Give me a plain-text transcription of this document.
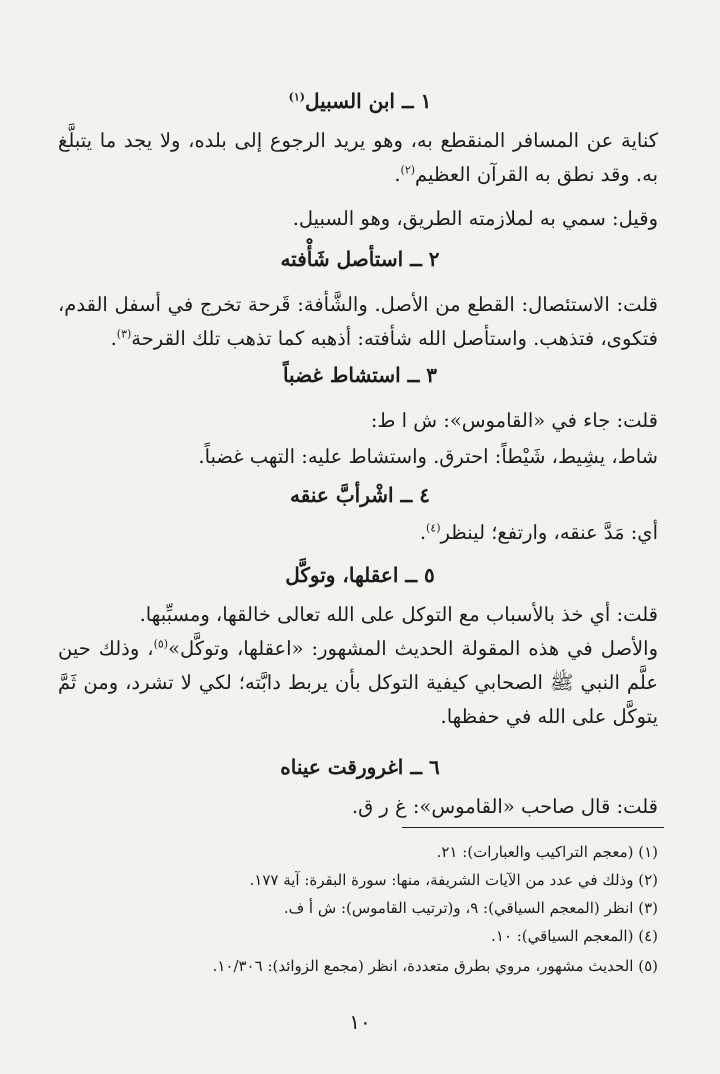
١ ــ ابن السبيل$^{(١)}$
كناية عن المسافر المنقطع به، وهو يريد الرجوع إلى بلده، ولا يجد ما يتبلَّغ به. وقد نطق به القرآن العظيم$^{(٢)}$.
وقيل: سمي به لملازمته الطريق، وهو السبيل.
٢ ــ استأصل شَأْفته
قلت: الاستئصال: القطع من الأصل. والشَّأفة: قَرحة تخرج في أسفل القدم، فتكوى، فتذهب. واستأصل الله شأفته: أذهبه كما تذهب تلك القرحة$^{(٣)}$.
٣ ــ استشاط غضباً
قلت: جاء في «القاموس»: ش ا ط:
شاط، يشِيط، شَيْطاً: احترق. واستشاط عليه: التهب غضباً.
٤ ــ اشْرأبَّ عنقه
أي: مَدَّ عنقه، وارتفع؛ لينظر$^{(٤)}$.
٥ ــ اعقلها، وتوكَّل
قلت: أي خذ بالأسباب مع التوكل على الله تعالى خالقها، ومسبِّبها.
والأصل في هذه المقولة الحديث المشهور: «اعقلها، وتوكَّل»$^{(٥)}$، وذلك حين علَّم النبي ﷺ الصحابي كيفية التوكل بأن يربط دابَّته؛ لكي لا تشرد، ومن ثَمَّ يتوكَّل على الله في حفظها.
٦ ــ اغرورقت عيناه
قلت: قال صاحب «القاموس»: غ ر ق.
(١) (معجم التراكيب والعبارات): ٢١.
(٢) وذلك في عدد من الآيات الشريفة، منها: سورة البقرة: آية ١٧٧.
(٣) انظر (المعجم السياقي): ٩، و(ترتيب القاموس): ش أ ف.
(٤) (المعجم السياقي): ١٠.
(٥) الحديث مشهور، مروي بطرق متعددة، انظر (مجمع الزوائد): ١٠/٣٠٦.
١٠
